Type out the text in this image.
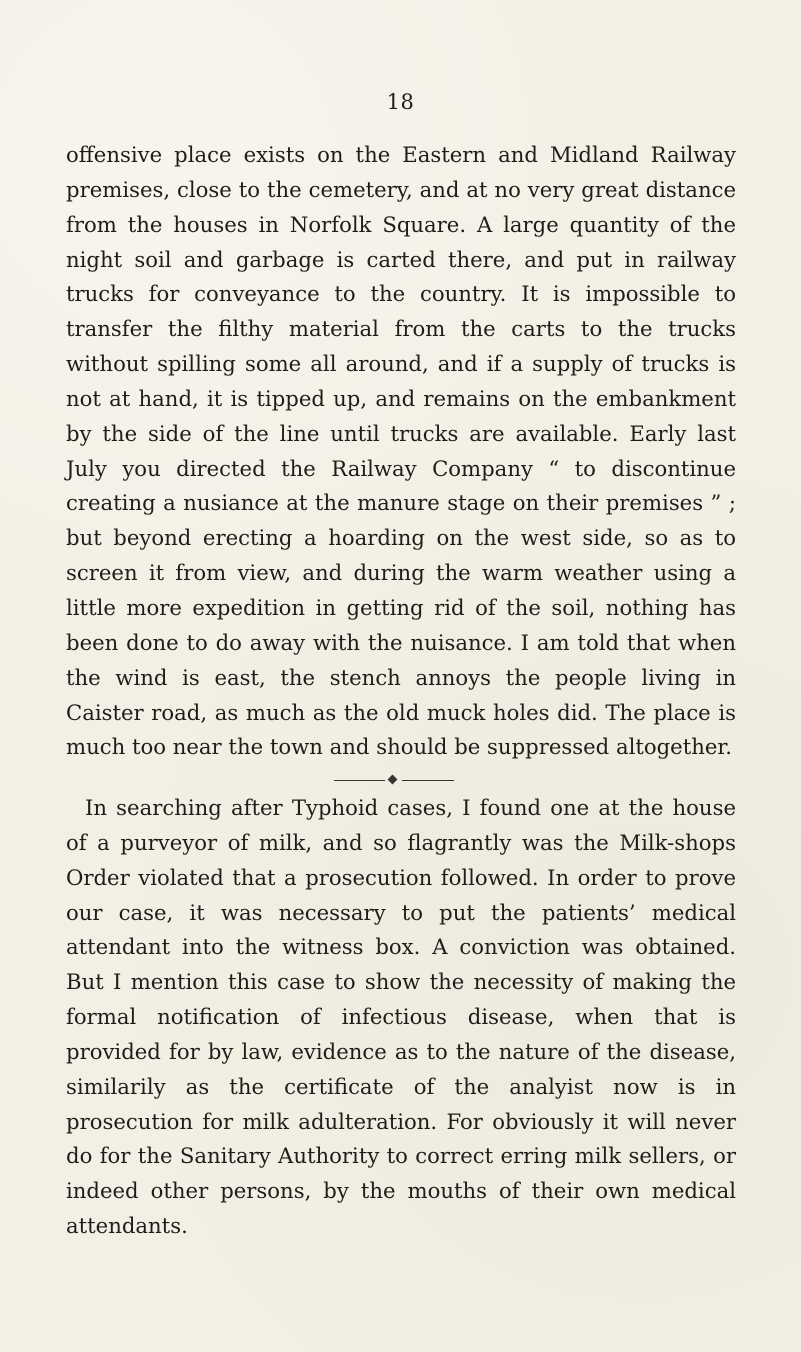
18
offensive place exists on the Eastern and Midland Railway premises, close to the cemetery, and at no very great distance from the houses in Norfolk Square. A large quantity of the night soil and garbage is carted there, and put in railway trucks for conveyance to the country. It is impossible to transfer the filthy material from the carts to the trucks without spilling some all around, and if a supply of trucks is not at hand, it is tipped up, and remains on the embankment by the side of the line until trucks are available. Early last July you directed the Railway Company “ to discontinue creating a nusiance at the manure stage on their premises ” ; but beyond erecting a hoarding on the west side, so as to screen it from view, and during the warm weather using a little more expedition in getting rid of the soil, nothing has been done to do away with the nuisance. I am told that when the wind is east, the stench annoys the people living in Caister road, as much as the old muck holes did. The place is much too near the town and should be suppressed altogether.
In searching after Typhoid cases, I found one at the house of a purveyor of milk, and so flagrantly was the Milk-shops Order violated that a prosecution followed. In order to prove our case, it was necessary to put the patients’ medical attendant into the witness box. A conviction was obtained. But I mention this case to show the necessity of making the formal notification of infectious disease, when that is provided for by law, evidence as to the nature of the disease, similarily as the certificate of the analyist now is in prosecution for milk adulteration. For obviously it will never do for the Sanitary Authority to correct erring milk sellers, or indeed other persons, by the mouths of their own medical attendants.
